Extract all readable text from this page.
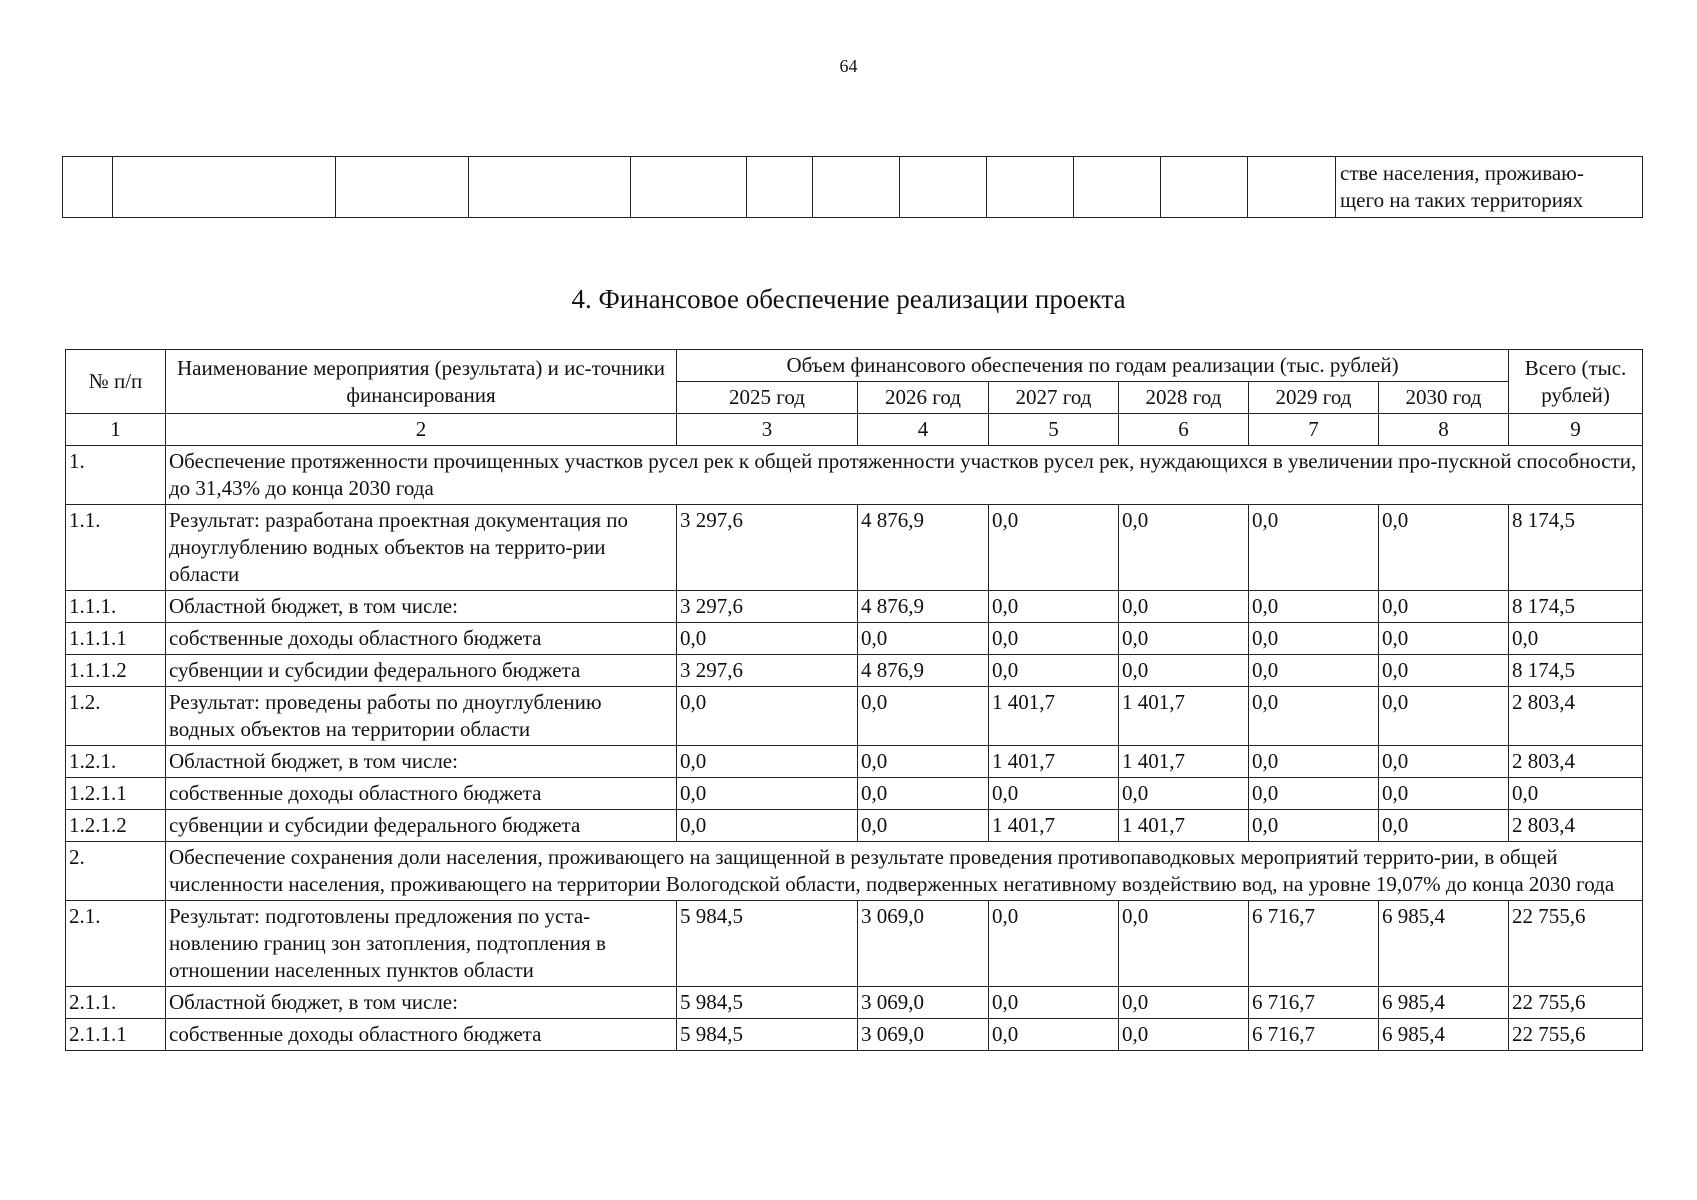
64

стве населения, проживаю-
щего на таких территориях
4. Финансовое обеспечение реализации проекта
№ п/п	Наименование мероприятия (результата) и ис-точники финансирования	Объем финансового обеспечения по годам реализации (тыс. рублей)						Всего (тыс. рублей)
		2025 год	2026 год	2027 год	2028 год	2029 год	2030 год	
1	2	3	4	5	6	7	8	9
1.	Обеспечение протяженности прочищенных участков русел рек к общей протяженности участков русел рек, нуждающихся в увеличении про-пускной способности, до 31,43% до конца 2030 года							
1.1.	Результат: разработана проектная документация по дноуглублению водных объектов на террито-рии области	3 297,6	4 876,9	0,0	0,0	0,0	0,0	8 174,5
1.1.1.	Областной бюджет, в том числе:	3 297,6	4 876,9	0,0	0,0	0,0	0,0	8 174,5
1.1.1.1	собственные доходы областного бюджета	0,0	0,0	0,0	0,0	0,0	0,0	0,0
1.1.1.2	субвенции и субсидии федерального бюджета	3 297,6	4 876,9	0,0	0,0	0,0	0,0	8 174,5
1.2.	Результат: проведены работы по дноуглублению водных объектов на территории области	0,0	0,0	1 401,7	1 401,7	0,0	0,0	2 803,4
1.2.1.	Областной бюджет, в том числе:	0,0	0,0	1 401,7	1 401,7	0,0	0,0	2 803,4
1.2.1.1	собственные доходы областного бюджета	0,0	0,0	0,0	0,0	0,0	0,0	0,0
1.2.1.2	субвенции и субсидии федерального бюджета	0,0	0,0	1 401,7	1 401,7	0,0	0,0	2 803,4
2.	Обеспечение сохранения доли населения, проживающего на защищенной в результате проведения противопаводковых мероприятий террито-рии, в общей численности населения, проживающего на территории Вологодской области, подверженных негативному воздействию вод, на уровне 19,07% до конца 2030 года							
2.1.	Результат: подготовлены предложения по уста-новлению границ зон затопления, подтопления в отношении населенных пунктов области	5 984,5	3 069,0	0,0	0,0	6 716,7	6 985,4	22 755,6
2.1.1.	Областной бюджет, в том числе:	5 984,5	3 069,0	0,0	0,0	6 716,7	6 985,4	22 755,6
2.1.1.1	собственные доходы областного бюджета	5 984,5	3 069,0	0,0	0,0	6 716,7	6 985,4	22 755,6
